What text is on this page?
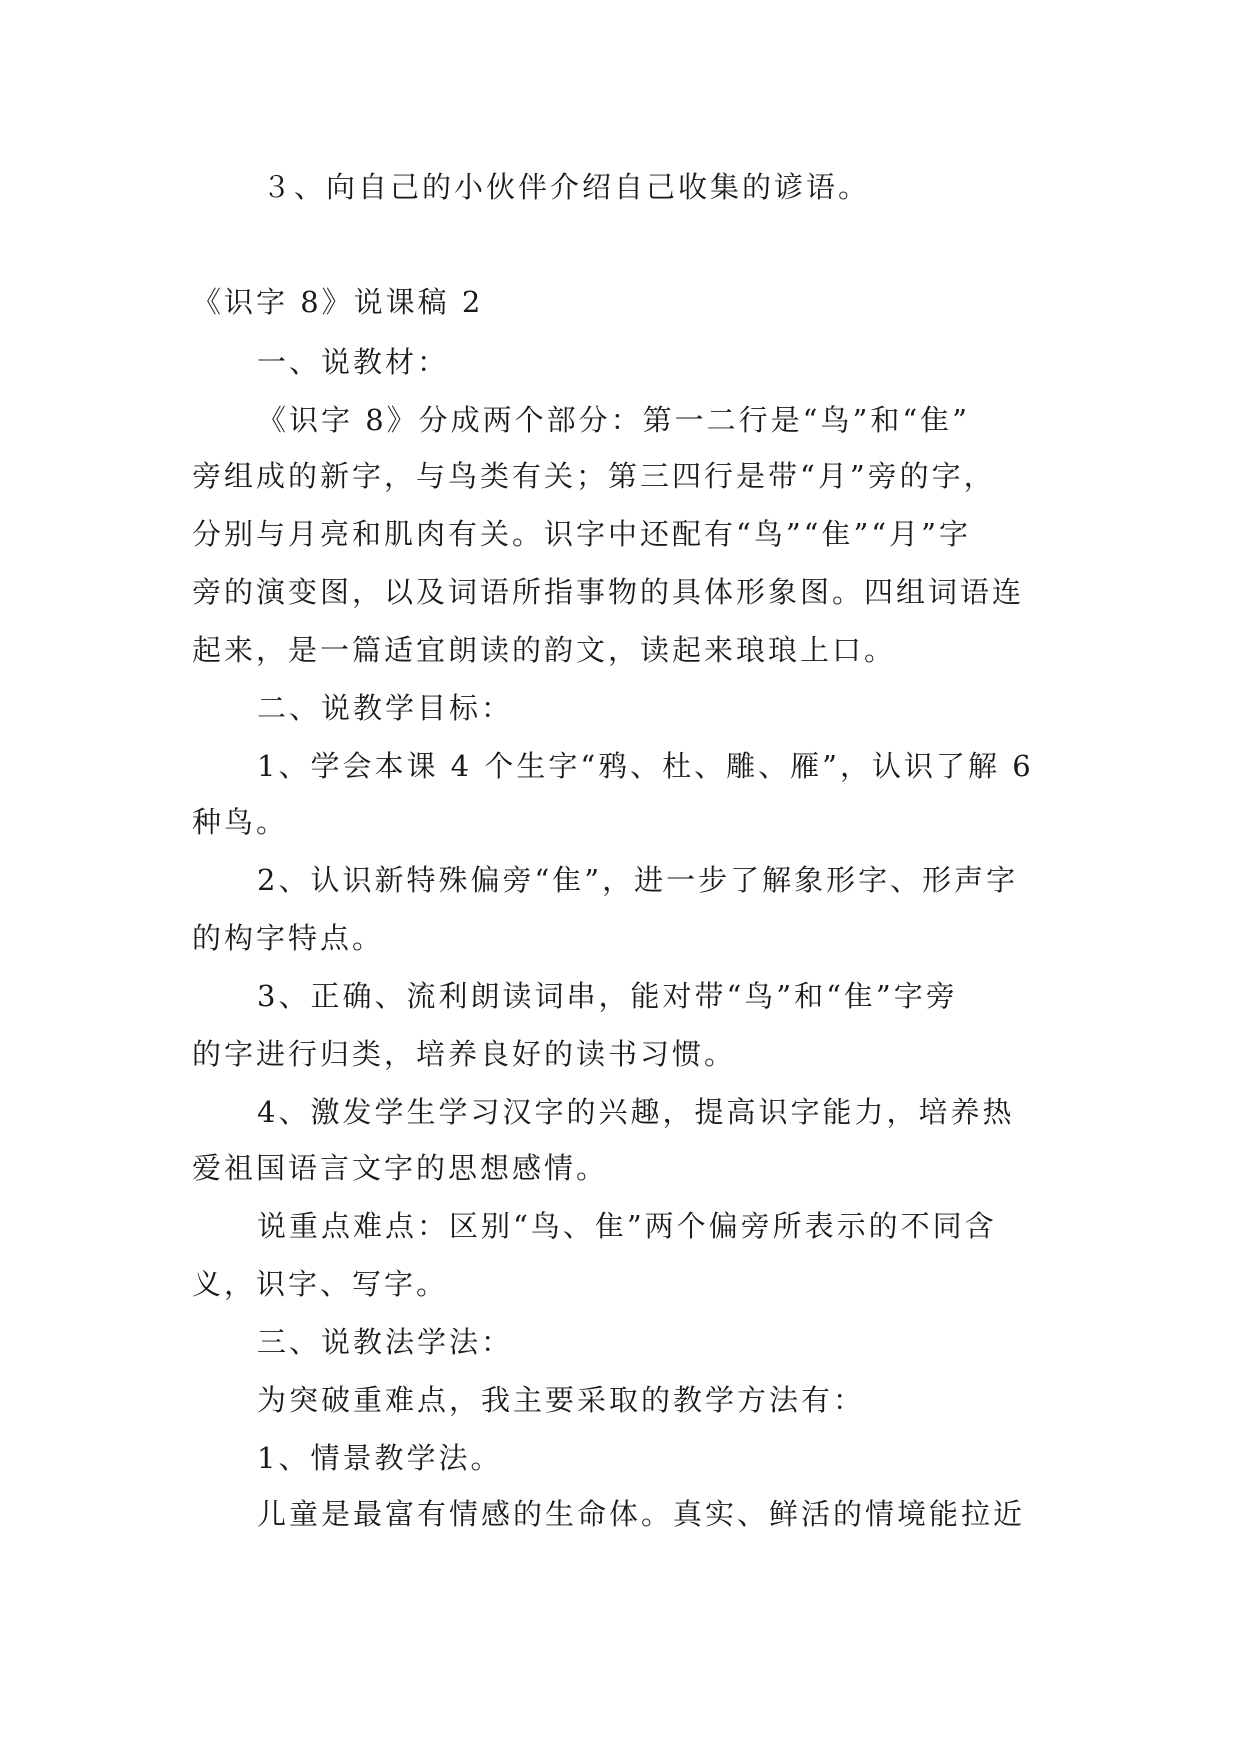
３、向自己的小伙伴介绍自己收集的谚语。
《识字 8》说课稿 2
一、说教材：
《识字 8》分成两个部分：第一二行是“鸟”和“隹”
旁组成的新字，与鸟类有关；第三四行是带“月”旁的字，
分别与月亮和肌肉有关。识字中还配有“鸟”“隹”“月”字
旁的演变图，以及词语所指事物的具体形象图。四组词语连
起来，是一篇适宜朗读的韵文，读起来琅琅上口。
二、说教学目标：
1、学会本课 4 个生字“鸦、杜、雕、雁”，认识了解 6
种鸟。
2、认识新特殊偏旁“隹”，进一步了解象形字、形声字
的构字特点。
3、正确、流利朗读词串，能对带“鸟”和“隹”字旁
的字进行归类，培养良好的读书习惯。
4、激发学生学习汉字的兴趣，提高识字能力，培养热
爱祖国语言文字的思想感情。
说重点难点：区别“鸟、隹”两个偏旁所表示的不同含
义，识字、写字。
三、说教法学法：
为突破重难点，我主要采取的教学方法有：
1、情景教学法。
儿童是最富有情感的生命体。真实、鲜活的情境能拉近
